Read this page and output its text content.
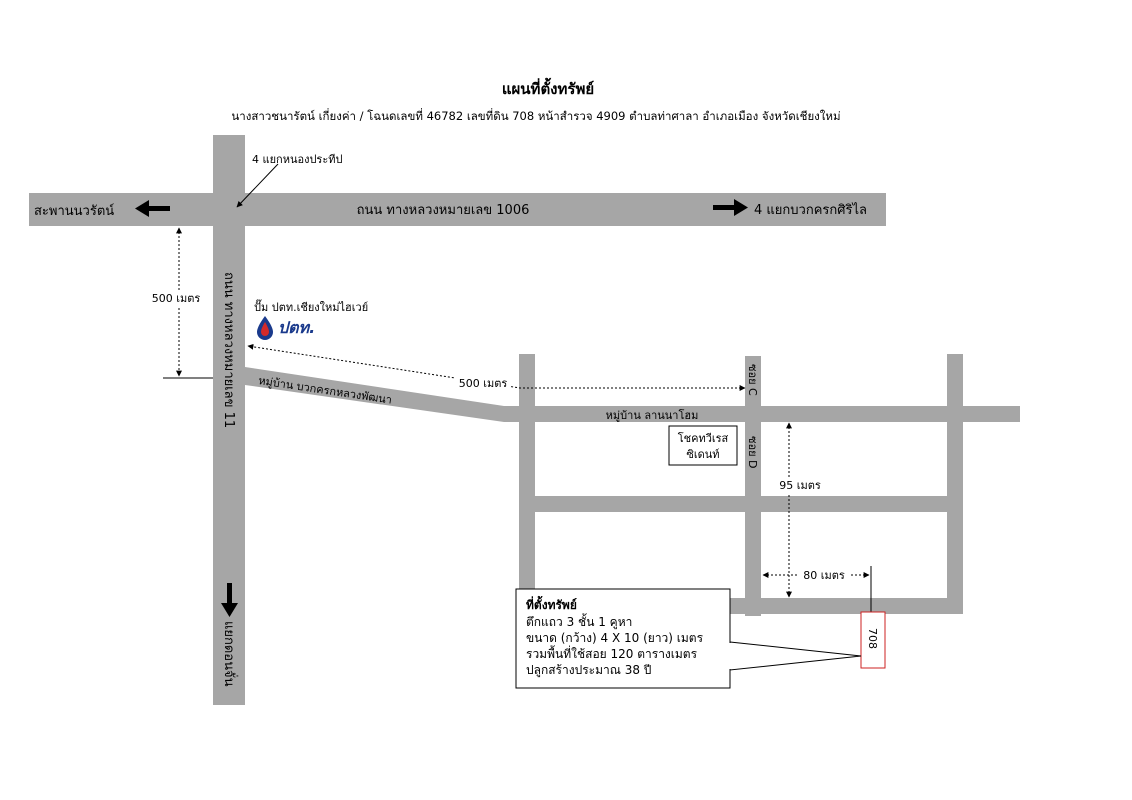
แผนที่ตั้งทรัพย์
นางสาวชนารัตน์ เกี่ยงค่า / โฉนดเลขที่ 46782 เลขที่ดิน 708 หน้าสำรวจ 4909 ตำบลท่าศาลา อำเภอเมือง จังหวัดเชียงใหม่
4 แยกหนองประทีป
สะพานนวรัตน์	ถนน ทางหลวงหมายเลข 1006	4 แยกบวกครกศิริไล
ถนน ทางหลวงหมายเลข 11
แยกดอนจั่น
500 เมตร
ปั๊ม ปตท.เชียงใหม่ไฮเวย์
ปตท.
500 เมตร
หมู่บ้าน บวกครกหลวงพัฒนา
หมู่บ้าน ลานนาโฮม
ซอย C
ซอย D
โชคทวีเรส
ซิเดนท์
95 เมตร
80 เมตร
708
ที่ตั้งทรัพย์
ตึกแถว 3 ชั้น 1 คูหา
ขนาด (กว้าง) 4 X 10 (ยาว) เมตร
รวมพื้นที่ใช้สอย 120 ตารางเมตร
ปลูกสร้างประมาณ 38 ปี
